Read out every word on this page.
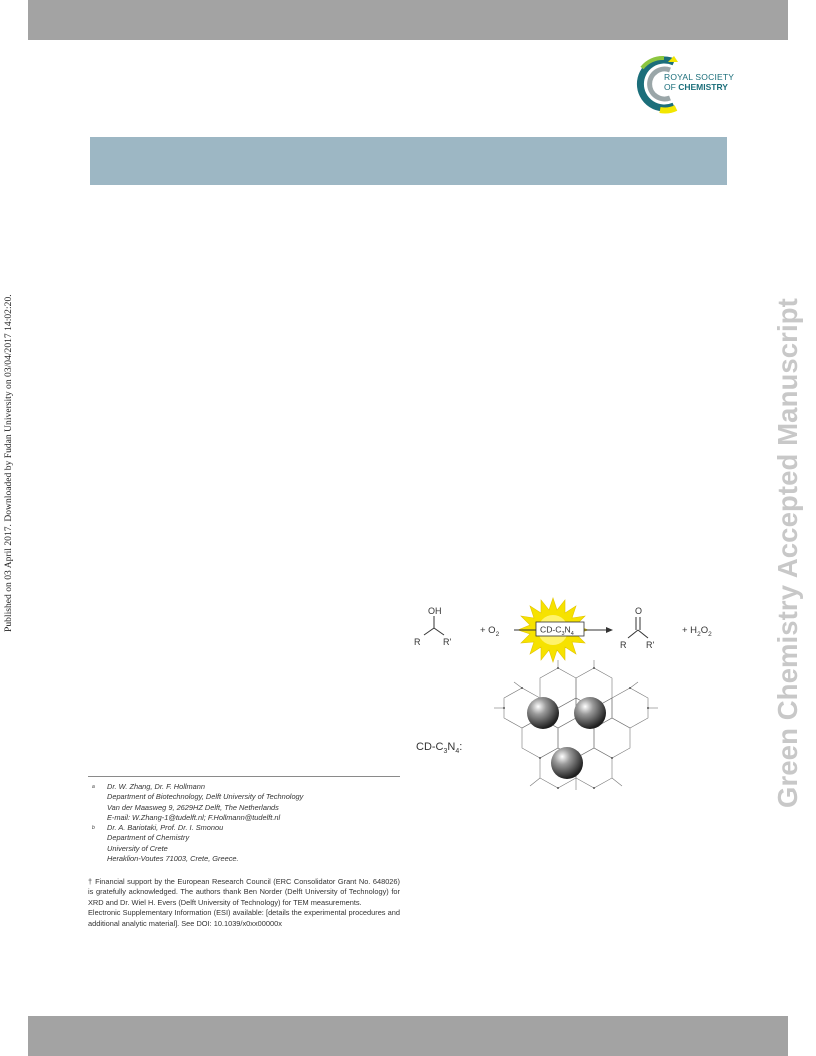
ROYAL SOCIETY
OF CHEMISTRY
Published on 03 April 2017. Downloaded by Fudan University on 03/04/2017 14:02:20.	Green Chemistry Accepted Manuscript
OH
R	R'
+ $O_2$	$CD-C_3N_4$
O
R R'
+ $H_2O_2$
$CD-C_3N_4$:
a	Dr. W. Zhang, Dr. F. Hollmann
Department of Biotechnology, Delft University of Technology
Van der Maasweg 9, 2629HZ Delft, The Netherlands
E-mail: W.Zhang-1@tudelft.nl; F.Hollmann@tudelft.nl
b	Dr. A. Bariotaki, Prof. Dr. I. Smonou
Department of Chemistry
University of Crete
Heraklion-Voutes 71003, Crete, Greece.

† Financial support by the European Research Council (ERC Consolidator Grant No. 648026) is gratefully acknowledged. The authors thank Ben Norder (Delft University of Technology) for XRD and Dr. Wiel H. Evers (Delft University of Technology) for TEM measurements.

Electronic Supplementary Information (ESI) available: [details the experimental procedures and additional analytic material]. See DOI: 10.1039/x0xx00000x
